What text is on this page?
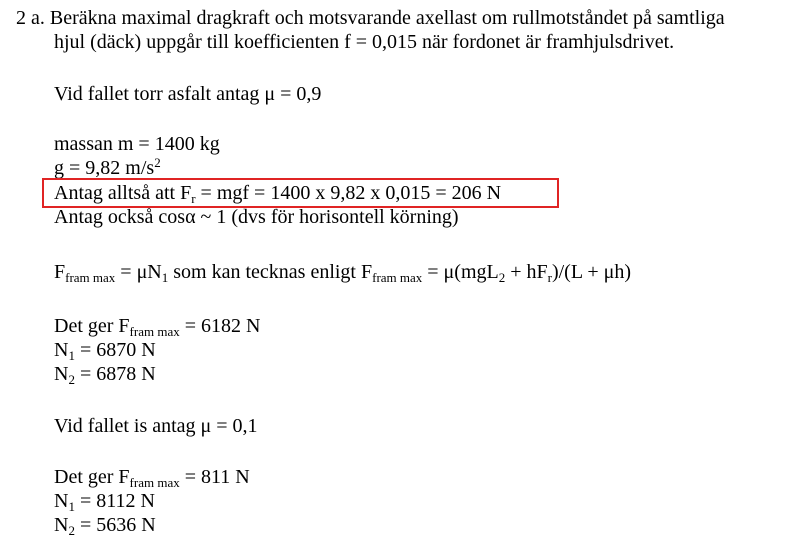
2 a. Beräkna maximal dragkraft och motsvarande axellast om rullmotståndet på samtliga
hjul (däck) uppgår till koefficienten f = 0,015 när fordonet är framhjulsdrivet.
Vid fallet torr asfalt antag μ = 0,9
massan m = 1400 kg
g = 9,82 $m/s^2$
Antag alltså att $F_r$ = mgf = 1400 x 9,82 x 0,015 = 206 N
Antag också cosα ~ 1 (dvs för horisontell körning)
$F_{fram max} = \mu N_1$ som kan tecknas enligt $F_{fram max} = \mu(mgL_2 + hF_r)/(L + \mu h)$
Det ger $F_{fram max} = 6182$ N
$N_1 = 6870$ N
$N_2 = 6878$ N
Vid fallet is antag μ = 0,1
Det ger $F_{fram max} = 811$ N
$N_1 = 8112$ N
$N_2 = 5636$ N
